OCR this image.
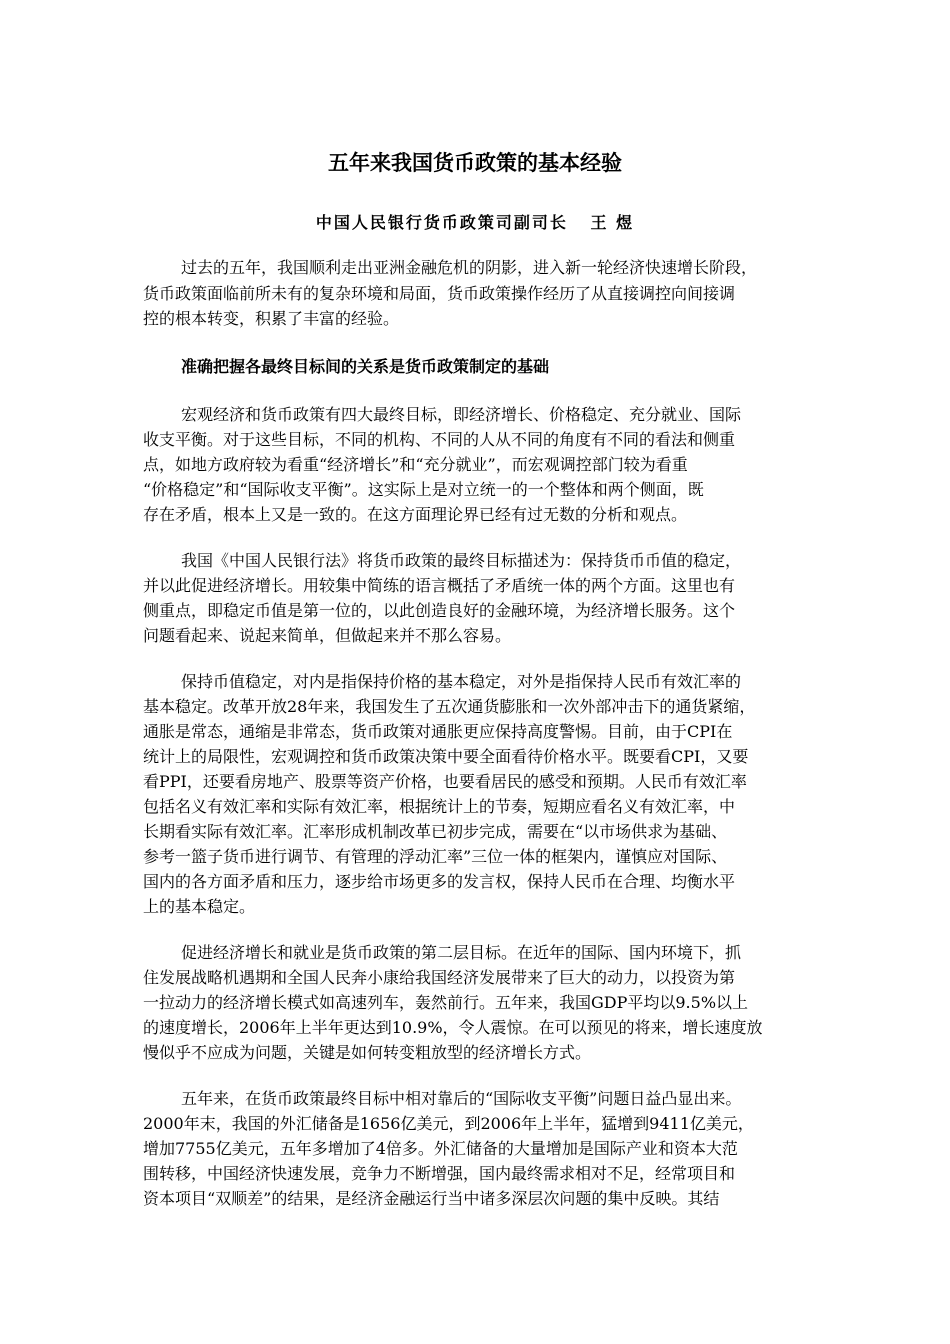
五年来我国货币政策的基本经验
中国人民银行货币政策司副司长   王 煜
过去的五年，我国顺利走出亚洲金融危机的阴影，进入新一轮经济快速增长阶段，
货币政策面临前所未有的复杂环境和局面，货币政策操作经历了从直接调控向间接调
控的根本转变，积累了丰富的经验。
准确把握各最终目标间的关系是货币政策制定的基础
宏观经济和货币政策有四大最终目标，即经济增长、价格稳定、充分就业、国际
收支平衡。对于这些目标，不同的机构、不同的人从不同的角度有不同的看法和侧重
点，如地方政府较为看重“经济增长”和“充分就业”，而宏观调控部门较为看重
“价格稳定”和“国际收支平衡”。这实际上是对立统一的一个整体和两个侧面，既
存在矛盾，根本上又是一致的。在这方面理论界已经有过无数的分析和观点。
我国《中国人民银行法》将货币政策的最终目标描述为：保持货币币值的稳定，
并以此促进经济增长。用较集中简练的语言概括了矛盾统一体的两个方面。这里也有
侧重点，即稳定币值是第一位的，以此创造良好的金融环境，为经济增长服务。这个
问题看起来、说起来简单，但做起来并不那么容易。
保持币值稳定，对内是指保持价格的基本稳定，对外是指保持人民币有效汇率的
基本稳定。改革开放28年来，我国发生了五次通货膨胀和一次外部冲击下的通货紧缩，
通胀是常态，通缩是非常态，货币政策对通胀更应保持高度警惕。目前，由于CPI在
统计上的局限性，宏观调控和货币政策决策中要全面看待价格水平。既要看CPI，又要
看PPI，还要看房地产、股票等资产价格，也要看居民的感受和预期。人民币有效汇率
包括名义有效汇率和实际有效汇率，根据统计上的节奏，短期应看名义有效汇率，中
长期看实际有效汇率。汇率形成机制改革已初步完成，需要在“以市场供求为基础、
参考一篮子货币进行调节、有管理的浮动汇率”三位一体的框架内，谨慎应对国际、
国内的各方面矛盾和压力，逐步给市场更多的发言权，保持人民币在合理、均衡水平
上的基本稳定。
促进经济增长和就业是货币政策的第二层目标。在近年的国际、国内环境下，抓
住发展战略机遇期和全国人民奔小康给我国经济发展带来了巨大的动力，以投资为第
一拉动力的经济增长模式如高速列车，轰然前行。五年来，我国GDP平均以9.5%以上
的速度增长，2006年上半年更达到10.9%，令人震惊。在可以预见的将来，增长速度放
慢似乎不应成为问题，关键是如何转变粗放型的经济增长方式。
五年来，在货币政策最终目标中相对靠后的“国际收支平衡”问题日益凸显出来。
2000年末，我国的外汇储备是1656亿美元，到2006年上半年，猛增到9411亿美元，
增加7755亿美元，五年多增加了4倍多。外汇储备的大量增加是国际产业和资本大范
围转移，中国经济快速发展，竞争力不断增强，国内最终需求相对不足，经常项目和
资本项目“双顺差”的结果，是经济金融运行当中诸多深层次问题的集中反映。其结
